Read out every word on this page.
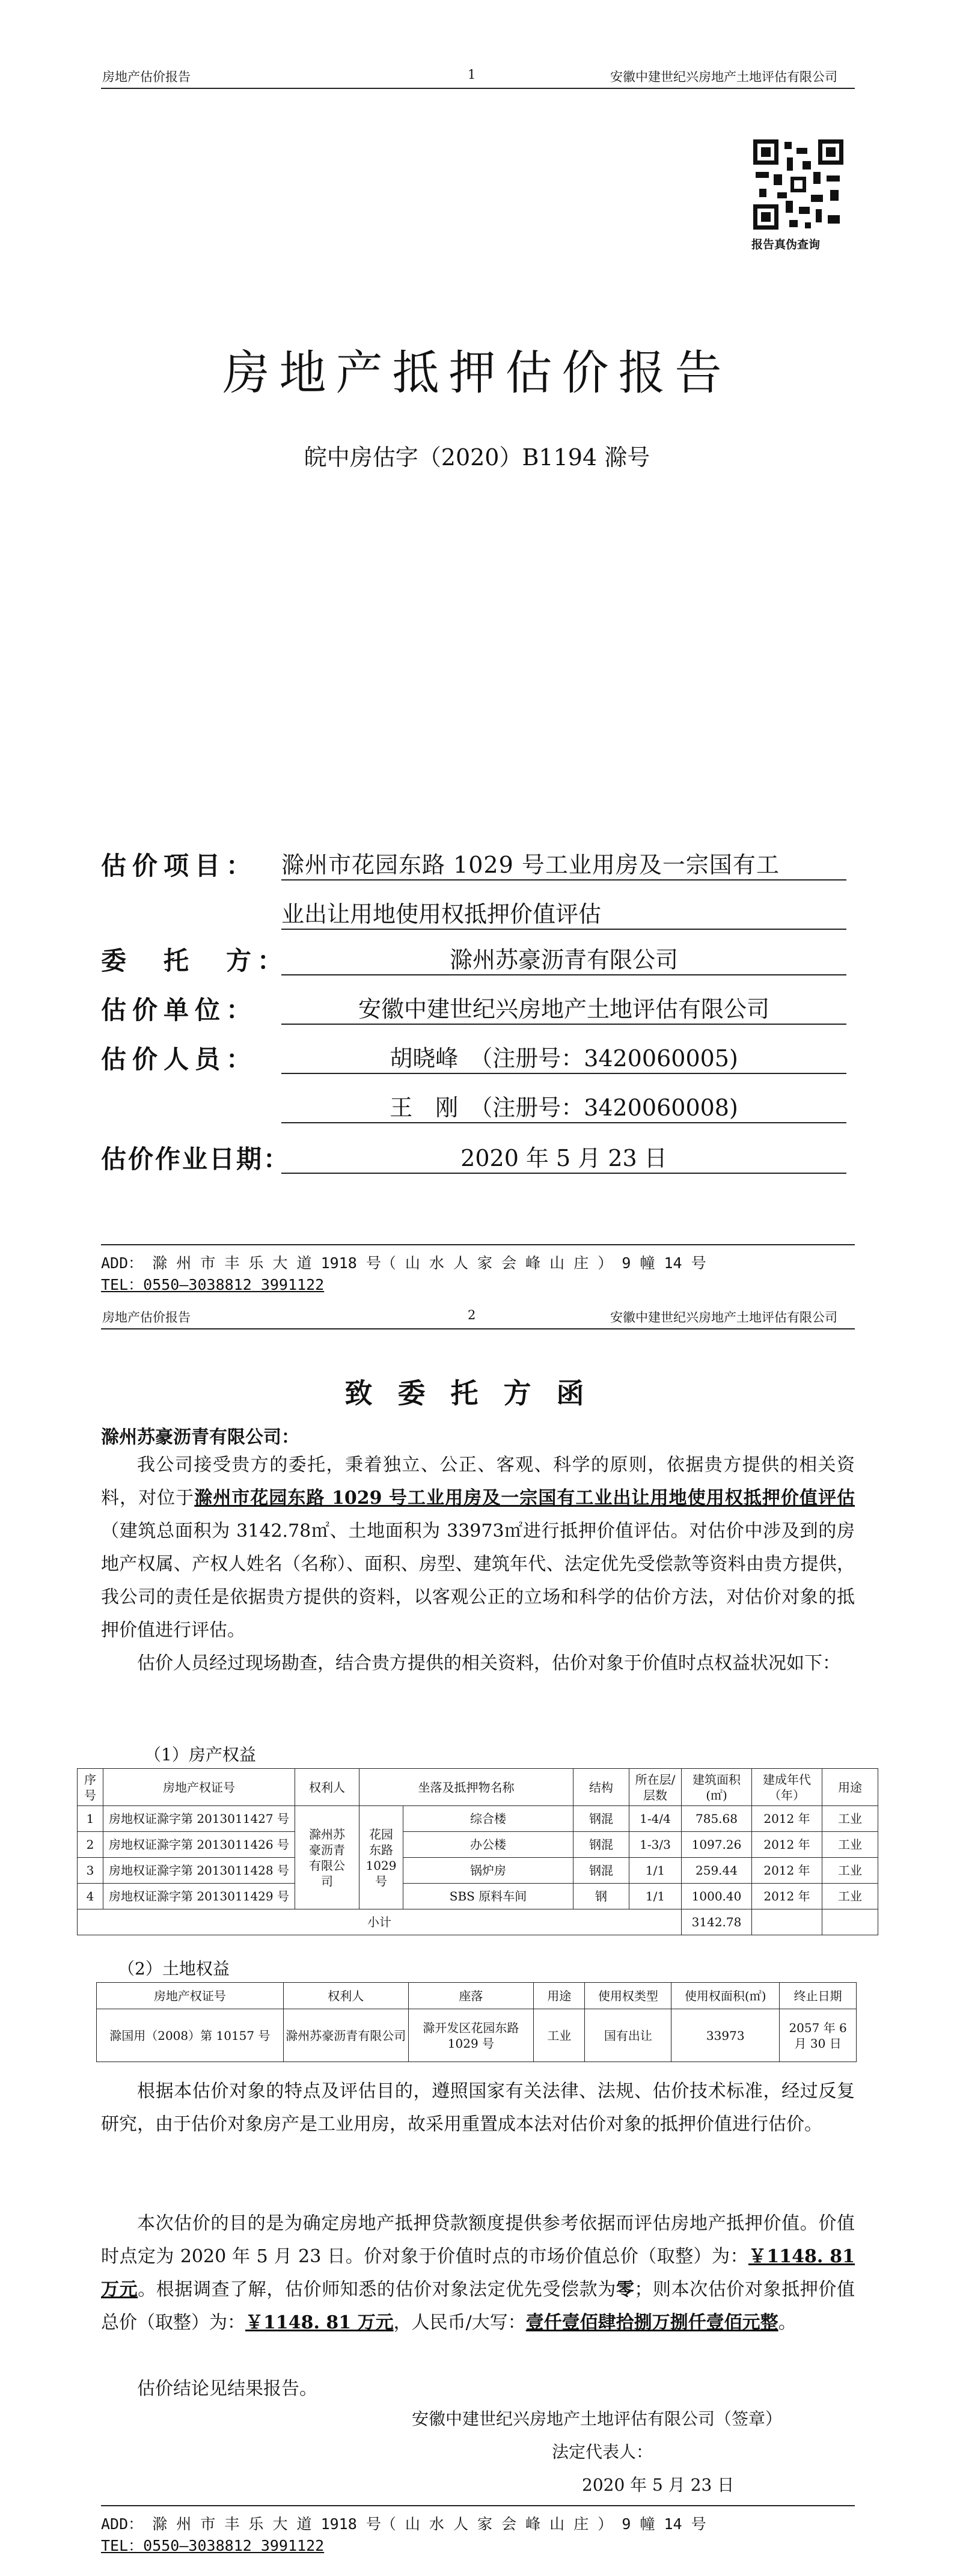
房地产估价报告	1	安徽中建世纪兴房地产土地评估有限公司
报告真伪查询
房地产抵押估价报告
皖中房估字（2020）B1194 滁号
估价项目： 滁州市花园东路 1029 号工业用房及一宗国有工
业出让用地使用权抵押价值评估
委　托　方：	滁州苏豪沥青有限公司
估价单位：	安徽中建世纪兴房地产土地评估有限公司
估价人员：	胡晓峰　（注册号：3420060005)
王　刚　（注册号：3420060008)
估价作业日期：	2020 年 5 月 23 日
ADD： 滁 州 市 丰 乐 大 道 1918 号（ 山 水 人 家 会 峰 山 庄 ） 9 幢 14 号
TEL：0550—3038812 3991122
房地产估价报告	2	安徽中建世纪兴房地产土地评估有限公司
致委托方函
滁州苏豪沥青有限公司：
我公司接受贵方的委托，秉着独立、公正、客观、科学的原则，依据贵方提供的相关资料，对位于滁州市花园东路 1029 号工业用房及一宗国有工业出让用地使用权抵押价值评估（建筑总面积为 3142.78㎡、土地面积为 33973㎡进行抵押价值评估。对估价中涉及到的房地产权属、产权人姓名（名称）、面积、房型、建筑年代、法定优先受偿款等资料由贵方提供，我公司的责任是依据贵方提供的资料，以客观公正的立场和科学的估价方法，对估价对象的抵押价值进行评估。
估价人员经过现场勘查，结合贵方提供的相关资料，估价对象于价值时点权益状况如下：
（1）房产权益
序号	房地产权证号	权利人	坐落及抵押物名称		结构	所在层/层数	建筑面积(㎡)	建成年代（年）	用途
1	房地权证滁字第 2013011427 号	滁州苏豪沥青有限公司	花园东路1029号	综合楼	钢混	1-4/4	785.68	2012 年	工业
2	房地权证滁字第 2013011426 号			办公楼	钢混	1-3/3	1097.26	2012 年	工业
3	房地权证滁字第 2013011428 号			锅炉房	钢混	1/1	259.44	2012 年	工业
4	房地权证滁字第 2013011429 号			SBS 原料车间	钢	1/1	1000.40	2012 年	工业
小计							3142.78		
（2）土地权益
房地产权证号	权利人	座落	用途	使用权类型	使用权面积(㎡)	终止日期
滁国用（2008）第 10157 号	滁州苏豪沥青有限公司	滁开发区花园东路 1029 号	工业	国有出让	33973	2057 年 6 月 30 日
根据本估价对象的特点及评估目的，遵照国家有关法律、法规、估价技术标准，经过反复研究，由于估价对象房产是工业用房，故采用重置成本法对估价对象的抵押价值进行估价。
本次估价的目的是为确定房地产抵押贷款额度提供参考依据而评估房地产抵押价值。价值时点定为 2020 年 5 月 23 日。价对象于价值时点的市场价值总价（取整）为：￥1148. 81 万元。根据调查了解，估价师知悉的估价对象法定优先受偿款为零；则本次估价对象抵押价值总价（取整）为：￥1148. 81 万元，人民币/大写：壹仟壹佰肆拾捌万捌仟壹佰元整。
估价结论见结果报告。
安徽中建世纪兴房地产土地评估有限公司（签章）
法定代表人：
2020 年 5 月 23 日
ADD： 滁 州 市 丰 乐 大 道 1918 号（ 山 水 人 家 会 峰 山 庄 ） 9 幢 14 号
TEL：0550—3038812 3991122
